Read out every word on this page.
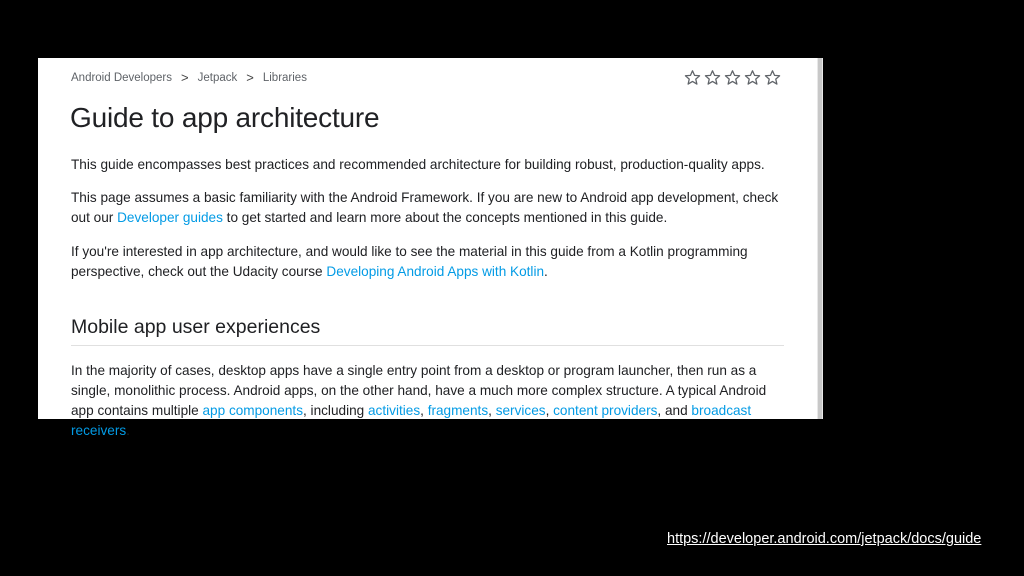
Android Developers > Jetpack > Libraries
Guide to app architecture

This guide encompasses best practices and recommended architecture for building robust, production-quality apps.

This page assumes a basic familiarity with the Android Framework. If you are new to Android app development, check out our Developer guides to get started and learn more about the concepts mentioned in this guide.

If you're interested in app architecture, and would like to see the material in this guide from a Kotlin programming perspective, check out the Udacity course Developing Android Apps with Kotlin.

Mobile app user experiences

In the majority of cases, desktop apps have a single entry point from a desktop or program launcher, then run as a single, monolithic process. Android apps, on the other hand, have a much more complex structure. A typical Android app contains multiple app components, including activities, fragments, services, content providers, and broadcast receivers.

https://developer.android.com/jetpack/docs/guide
